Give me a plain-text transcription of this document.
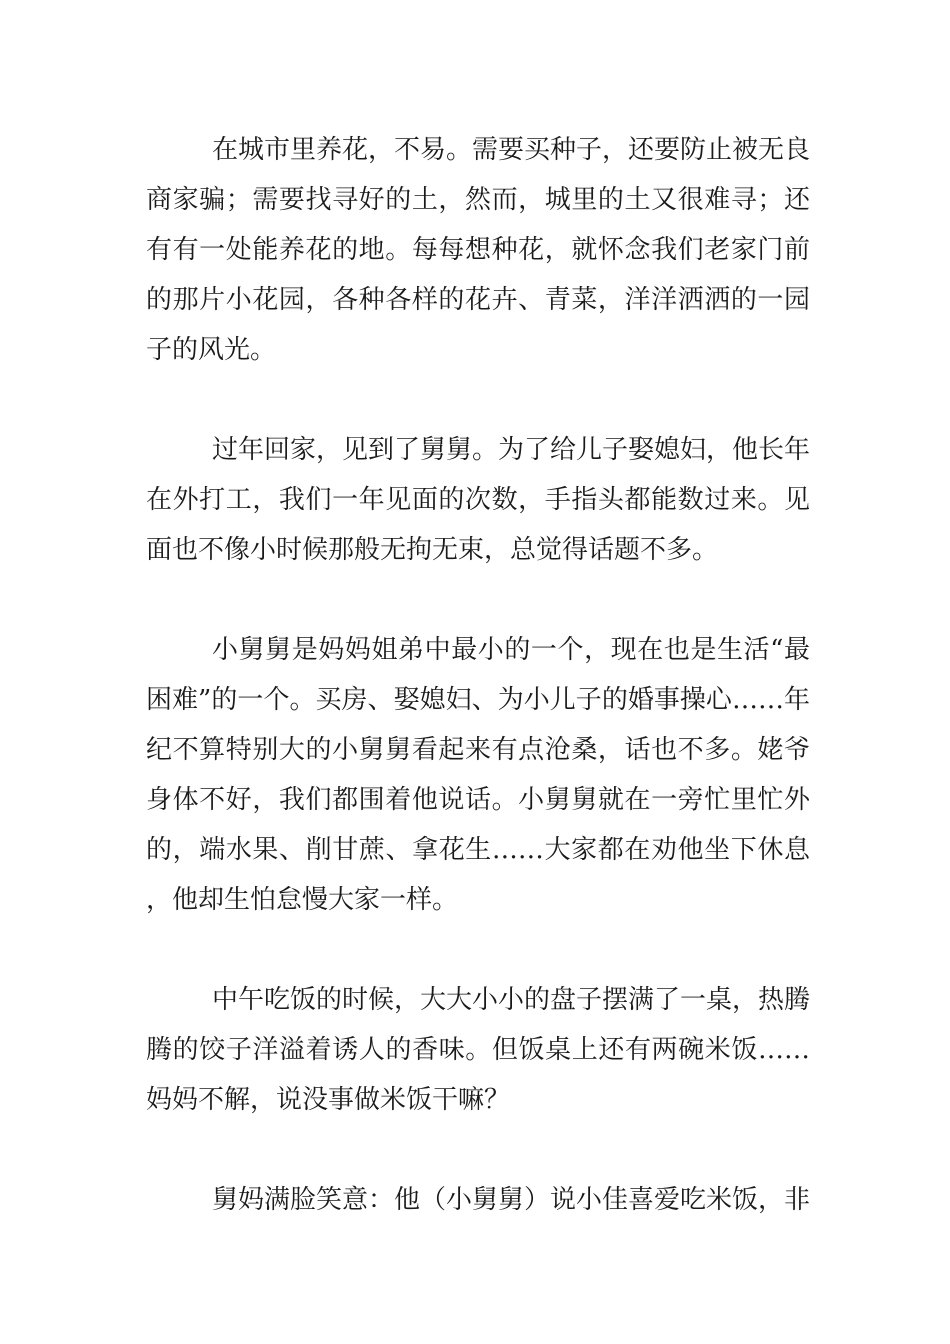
在城市里养花，不易。需要买种子，还要防止被无良商家骗；需要找寻好的土，然而，城里的土又很难寻；还有有一处能养花的地。每每想种花，就怀念我们老家门前的那片小花园，各种各样的花卉、青菜，洋洋洒洒的一园子的风光。

过年回家，见到了舅舅。为了给儿子娶媳妇，他长年在外打工，我们一年见面的次数，手指头都能数过来。见面也不像小时候那般无拘无束，总觉得话题不多。

小舅舅是妈妈姐弟中最小的一个，现在也是生活“最困难”的一个。买房、娶媳妇、为小儿子的婚事操心……年纪不算特别大的小舅舅看起来有点沧桑，话也不多。姥爷身体不好，我们都围着他说话。小舅舅就在一旁忙里忙外的，端水果、削甘蔗、拿花生……大家都在劝他坐下休息，他却生怕怠慢大家一样。

中午吃饭的时候，大大小小的盘子摆满了一桌，热腾腾的饺子洋溢着诱人的香味。但饭桌上还有两碗米饭……妈妈不解，说没事做米饭干嘛？

舅妈满脸笑意：他（小舅舅）说小佳喜爱吃米饭，非
